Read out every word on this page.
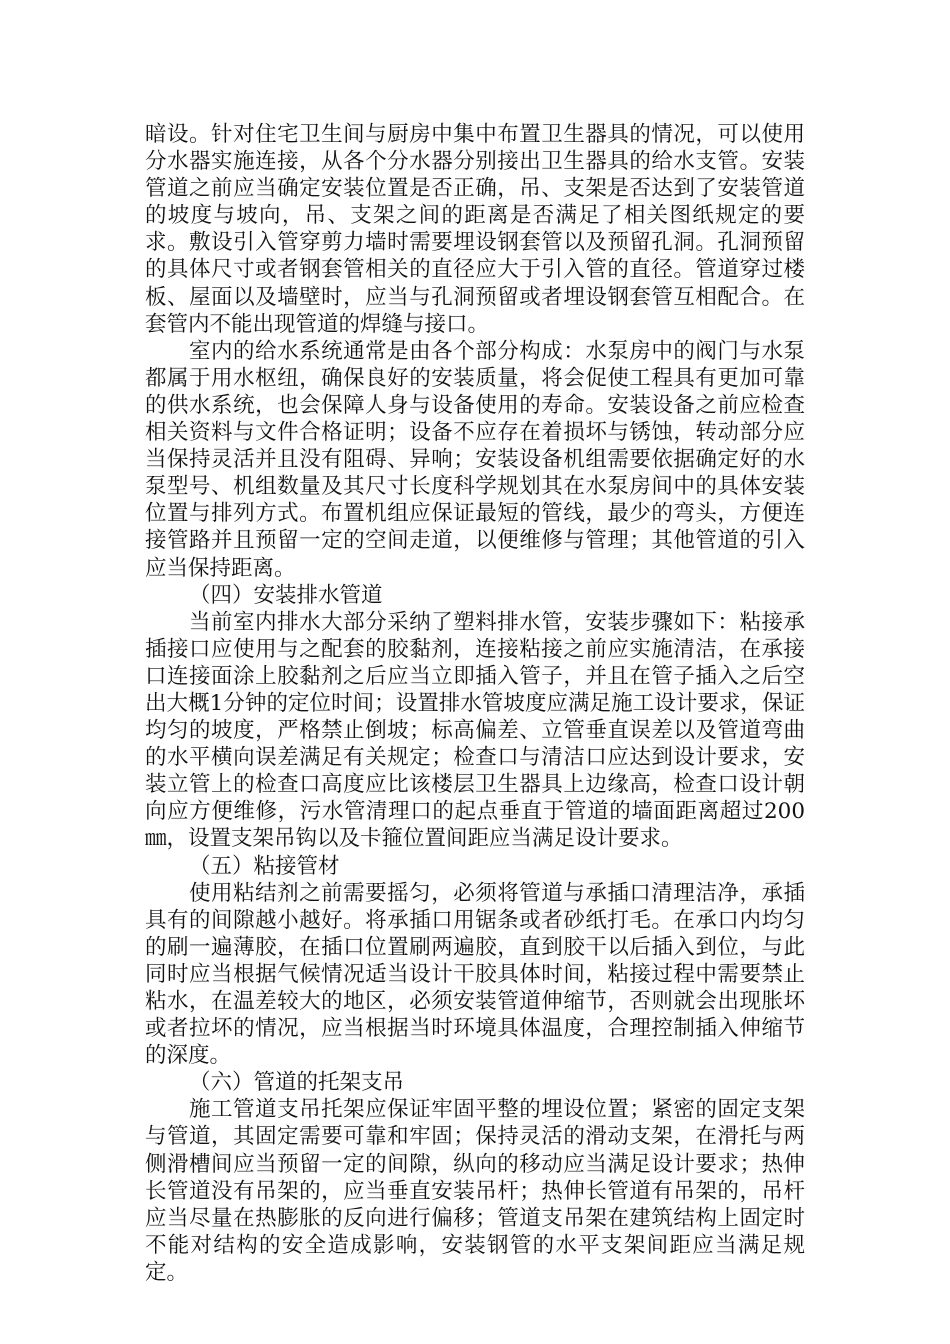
暗设。针对住宅卫生间与厨房中集中布置卫生器具的情况，可以使用分水器实施连接，从各个分水器分别接出卫生器具的给水支管。安装管道之前应当确定安装位置是否正确，吊、支架是否达到了安装管道的坡度与坡向，吊、支架之间的距离是否满足了相关图纸规定的要求。敷设引入管穿剪力墙时需要埋设钢套管以及预留孔洞。孔洞预留的具体尺寸或者钢套管相关的直径应大于引入管的直径。管道穿过楼板、屋面以及墙壁时，应当与孔洞预留或者埋设钢套管互相配合。在套管内不能出现管道的焊缝与接口。

室内的给水系统通常是由各个部分构成：水泵房中的阀门与水泵都属于用水枢纽，确保良好的安装质量，将会促使工程具有更加可靠的供水系统，也会保障人身与设备使用的寿命。安装设备之前应检查相关资料与文件合格证明；设备不应存在着损坏与锈蚀，转动部分应当保持灵活并且没有阻碍、异响；安装设备机组需要依据确定好的水泵型号、机组数量及其尺寸长度科学规划其在水泵房间中的具体安装位置与排列方式。布置机组应保证最短的管线，最少的弯头，方便连接管路并且预留一定的空间走道，以便维修与管理；其他管道的引入应当保持距离。

（四）安装排水管道

当前室内排水大部分采纳了塑料排水管，安装步骤如下：粘接承插接口应使用与之配套的胶黏剂，连接粘接之前应实施清洁，在承接口连接面涂上胶黏剂之后应当立即插入管子，并且在管子插入之后空出大概1分钟的定位时间；设置排水管坡度应满足施工设计要求，保证均匀的坡度，严格禁止倒坡；标高偏差、立管垂直误差以及管道弯曲的水平横向误差满足有关规定；检查口与清洁口应达到设计要求，安装立管上的检查口高度应比该楼层卫生器具上边缘高，检查口设计朝向应方便维修，污水管清理口的起点垂直于管道的墙面距离超过200㎜，设置支架吊钩以及卡箍位置间距应当满足设计要求。

（五）粘接管材

使用粘结剂之前需要摇匀，必须将管道与承插口清理洁净，承插具有的间隙越小越好。将承插口用锯条或者砂纸打毛。在承口内均匀的刷一遍薄胶，在插口位置刷两遍胶，直到胶干以后插入到位，与此同时应当根据气候情况适当设计干胶具体时间，粘接过程中需要禁止粘水，在温差较大的地区，必须安装管道伸缩节，否则就会出现胀坏或者拉坏的情况，应当根据当时环境具体温度，合理控制插入伸缩节的深度。

（六）管道的托架支吊

施工管道支吊托架应保证牢固平整的埋设位置；紧密的固定支架与管道，其固定需要可靠和牢固；保持灵活的滑动支架，在滑托与两侧滑槽间应当预留一定的间隙，纵向的移动应当满足设计要求；热伸长管道没有吊架的，应当垂直安装吊杆；热伸长管道有吊架的，吊杆应当尽量在热膨胀的反向进行偏移；管道支吊架在建筑结构上固定时不能对结构的安全造成影响，安装钢管的水平支架间距应当满足规定。
